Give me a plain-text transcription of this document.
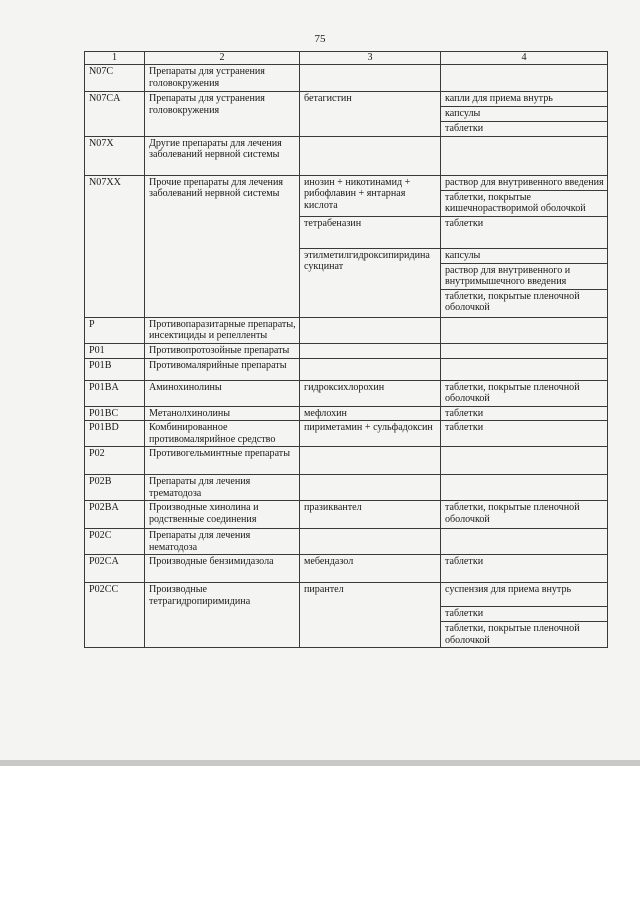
75
1	2	3	4
N07C	Препараты для устранения головокружения		
N07CA	Препараты для устранения головокружения	бетагистин	капли для приема внутрь
			капсулы
			таблетки
N07X	Другие препараты для лечения заболеваний нервной системы		
N07XX	Прочие препараты для лечения заболеваний нервной системы	инозин + никотинамид + рибофлавин + янтарная кислота	раствор для внутривенного введения
			таблетки, покрытые кишечнорастворимой оболочкой
		тетрабеназин	таблетки
		этилметилгидроксипиридина сукцинат	капсулы
			раствор для внутривенного и внутримышечного введения
			таблетки, покрытые пленочной оболочкой
P	Противопаразитарные препараты, инсектициды и репелленты		
P01	Противопротозойные препараты		
P01B	Противомалярийные препараты		
P01BA	Аминохинолины	гидроксихлорохин	таблетки, покрытые пленочной оболочкой
P01BC	Метанолхинолины	мефлохин	таблетки
P01BD	Комбинированное противомалярийное средство	пириметамин + сульфадоксин	таблетки
P02	Противогельминтные препараты		
P02B	Препараты для лечения трематодоза		
P02BA	Производные хинолина и родственные соединения	празиквантел	таблетки, покрытые пленочной оболочкой
P02C	Препараты для лечения нематодоза		
P02CA	Производные бензимидазола	мебендазол	таблетки
P02CC	Производные тетрагидропиримидина	пирантел	суспензия для приема внутрь
			таблетки
			таблетки, покрытые пленочной оболочкой
